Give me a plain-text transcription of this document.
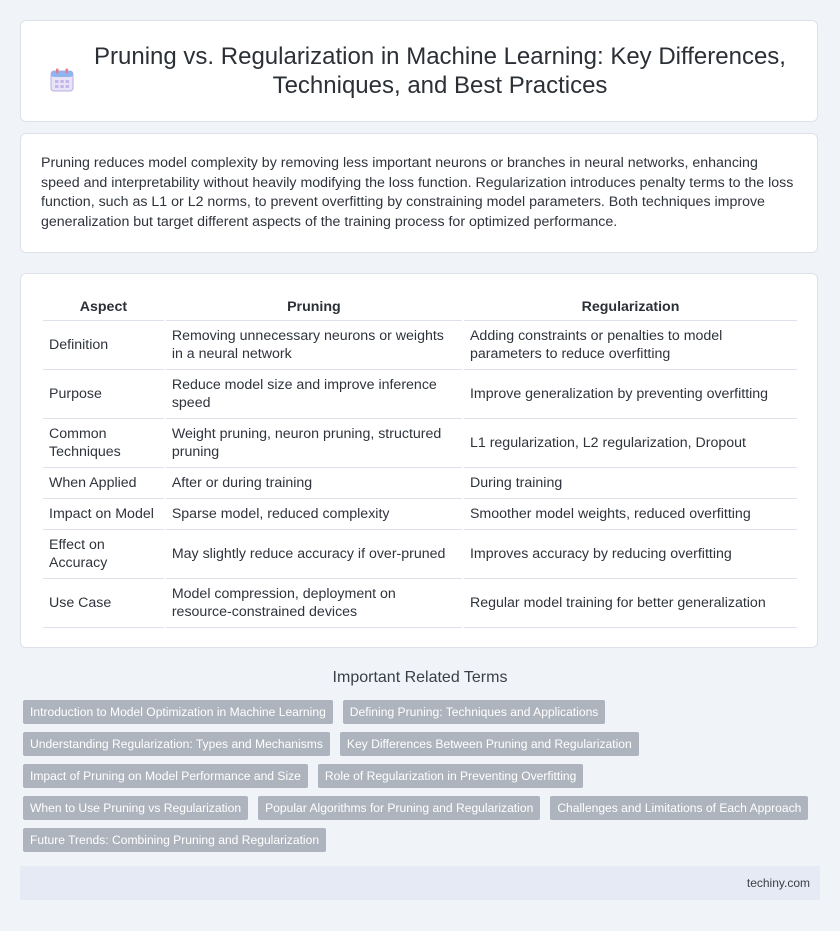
Pruning vs. Regularization in Machine Learning: Key Differences, Techniques, and Best Practices

Pruning reduces model complexity by removing less important neurons or branches in neural networks, enhancing speed and interpretability without heavily modifying the loss function. Regularization introduces penalty terms to the loss function, such as L1 or L2 norms, to prevent overfitting by constraining model parameters. Both techniques improve generalization but target different aspects of the training process for optimized performance.

Aspect	Pruning	Regularization
Definition	Removing unnecessary neurons or weights in a neural network	Adding constraints or penalties to model parameters to reduce overfitting
Purpose	Reduce model size and improve inference speed	Improve generalization by preventing overfitting
Common Techniques	Weight pruning, neuron pruning, structured pruning	L1 regularization, L2 regularization, Dropout
When Applied	After or during training	During training
Impact on Model	Sparse model, reduced complexity	Smoother model weights, reduced overfitting
Effect on Accuracy	May slightly reduce accuracy if over-pruned	Improves accuracy by reducing overfitting
Use Case	Model compression, deployment on resource-constrained devices	Regular model training for better generalization
Important Related Terms
Introduction to Model Optimization in Machine Learning	Defining Pruning: Techniques and Applications
Understanding Regularization: Types and Mechanisms	Key Differences Between Pruning and Regularization
Impact of Pruning on Model Performance and Size	Role of Regularization in Preventing Overfitting
When to Use Pruning vs Regularization	Popular Algorithms for Pruning and Regularization	Challenges and Limitations of Each Approach
Future Trends: Combining Pruning and Regularization
techiny.com
